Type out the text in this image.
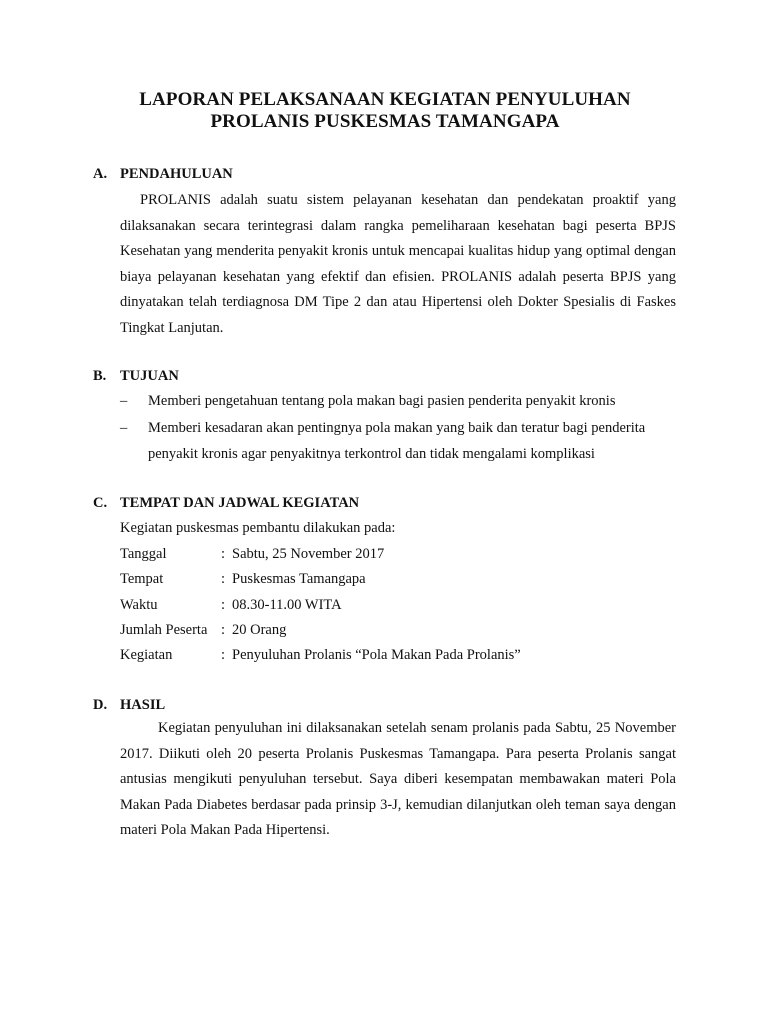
LAPORAN PELAKSANAAN KEGIATAN PENYULUHAN
PROLANIS PUSKESMAS TAMANGAPA
A. PENDAHULUAN
PROLANIS adalah suatu sistem pelayanan kesehatan dan pendekatan proaktif yang dilaksanakan secara terintegrasi dalam rangka pemeliharaan kesehatan bagi peserta BPJS Kesehatan yang menderita penyakit kronis untuk mencapai kualitas hidup yang optimal dengan biaya pelayanan kesehatan yang efektif dan efisien. PROLANIS adalah peserta BPJS yang dinyatakan telah terdiagnosa DM Tipe 2 dan atau Hipertensi oleh Dokter Spesialis di Faskes Tingkat Lanjutan.
B. TUJUAN
– Memberi pengetahuan tentang pola makan bagi pasien penderita penyakit kronis
– Memberi kesadaran akan pentingnya pola makan yang baik dan teratur bagi penderita penyakit kronis agar penyakitnya terkontrol dan tidak mengalami komplikasi
C. TEMPAT DAN JADWAL KEGIATAN
Kegiatan puskesmas pembantu dilakukan pada:
Tanggal	: Sabtu, 25 November 2017
Tempat	: Puskesmas Tamangapa
Waktu	: 08.30-11.00 WITA
Jumlah Peserta : 20 Orang
Kegiatan	: Penyuluhan Prolanis “Pola Makan Pada Prolanis”
D. HASIL
Kegiatan penyuluhan ini dilaksanakan setelah senam prolanis pada Sabtu, 25 November 2017. Diikuti oleh 20 peserta Prolanis Puskesmas Tamangapa. Para peserta Prolanis sangat antusias mengikuti penyuluhan tersebut. Saya diberi kesempatan membawakan materi Pola Makan Pada Diabetes berdasar pada prinsip 3-J, kemudian dilanjutkan oleh teman saya dengan materi Pola Makan Pada Hipertensi.
